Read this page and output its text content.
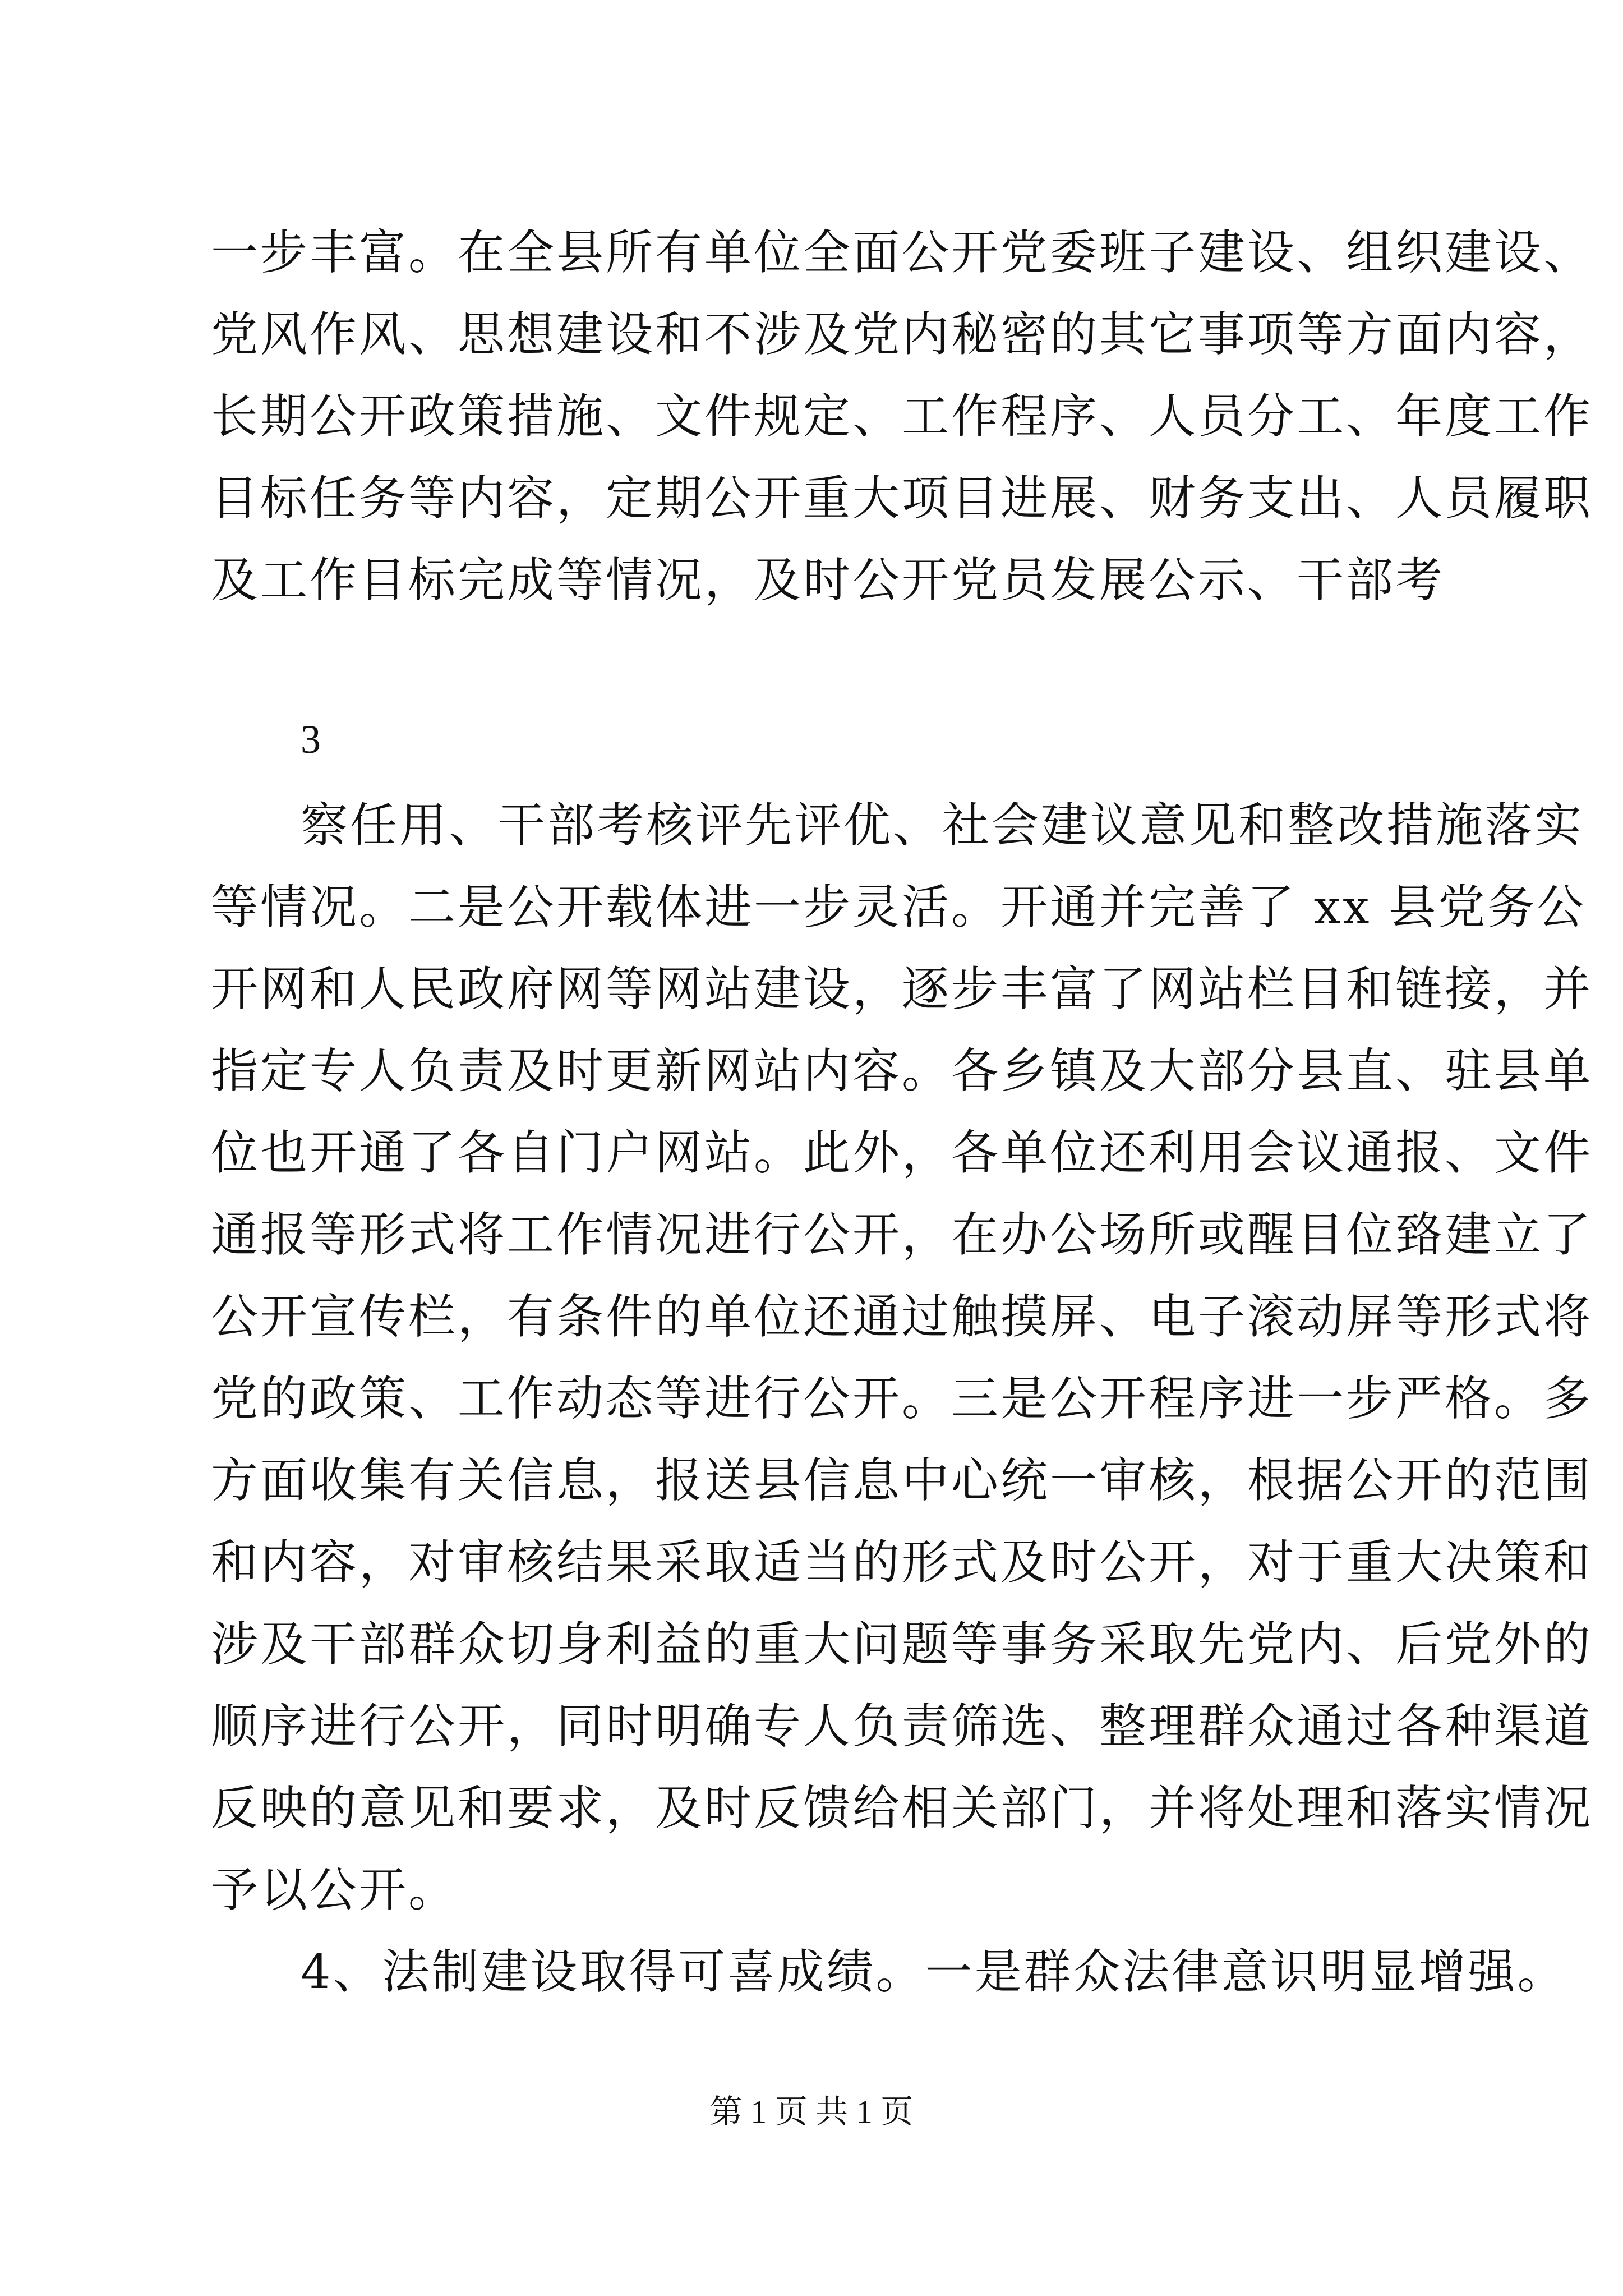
一步丰富。在全县所有单位全面公开党委班子建设、组织建设、
党风作风、思想建设和不涉及党内秘密的其它事项等方面内容，
长期公开政策措施、文件规定、工作程序、人员分工、年度工作
目标任务等内容，定期公开重大项目进展、财务支出、人员履职
及工作目标完成等情况，及时公开党员发展公示、干部考
3
察任用、干部考核评先评优、社会建议意见和整改措施落实
等情况。二是公开载体进一步灵活。开通并完善了 xx 县党务公
开网和人民政府网等网站建设，逐步丰富了网站栏目和链接，并
指定专人负责及时更新网站内容。各乡镇及大部分县直、驻县单
位也开通了各自门户网站。此外，各单位还利用会议通报、文件
通报等形式将工作情况进行公开，在办公场所或醒目位臵建立了
公开宣传栏，有条件的单位还通过触摸屏、电子滚动屏等形式将
党的政策、工作动态等进行公开。三是公开程序进一步严格。多
方面收集有关信息，报送县信息中心统一审核，根据公开的范围
和内容，对审核结果采取适当的形式及时公开，对于重大决策和
涉及干部群众切身利益的重大问题等事务采取先党内、后党外的
顺序进行公开，同时明确专人负责筛选、整理群众通过各种渠道
反映的意见和要求，及时反馈给相关部门，并将处理和落实情况
予以公开。
4、法制建设取得可喜成绩。一是群众法律意识明显增强。
第 1 页 共 1 页
